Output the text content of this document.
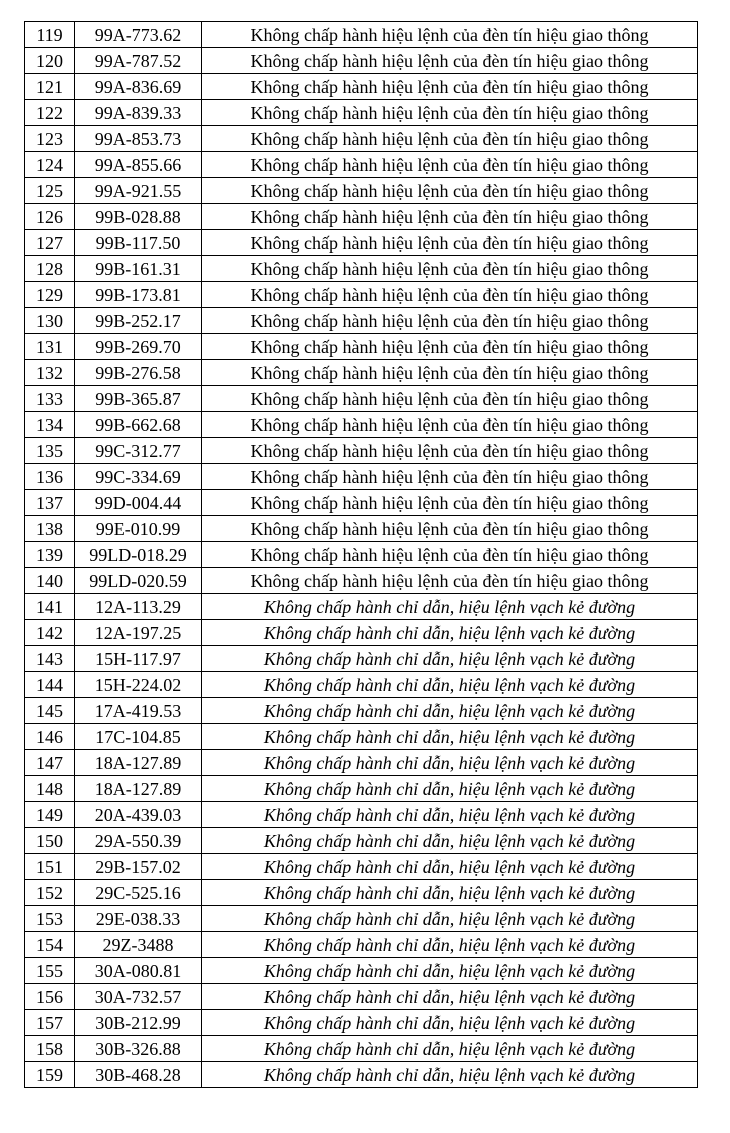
119	99A-773.62	Không chấp hành hiệu lệnh của đèn tín hiệu giao thông
120	99A-787.52	Không chấp hành hiệu lệnh của đèn tín hiệu giao thông
121	99A-836.69	Không chấp hành hiệu lệnh của đèn tín hiệu giao thông
122	99A-839.33	Không chấp hành hiệu lệnh của đèn tín hiệu giao thông
123	99A-853.73	Không chấp hành hiệu lệnh của đèn tín hiệu giao thông
124	99A-855.66	Không chấp hành hiệu lệnh của đèn tín hiệu giao thông
125	99A-921.55	Không chấp hành hiệu lệnh của đèn tín hiệu giao thông
126	99B-028.88	Không chấp hành hiệu lệnh của đèn tín hiệu giao thông
127	99B-117.50	Không chấp hành hiệu lệnh của đèn tín hiệu giao thông
128	99B-161.31	Không chấp hành hiệu lệnh của đèn tín hiệu giao thông
129	99B-173.81	Không chấp hành hiệu lệnh của đèn tín hiệu giao thông
130	99B-252.17	Không chấp hành hiệu lệnh của đèn tín hiệu giao thông
131	99B-269.70	Không chấp hành hiệu lệnh của đèn tín hiệu giao thông
132	99B-276.58	Không chấp hành hiệu lệnh của đèn tín hiệu giao thông
133	99B-365.87	Không chấp hành hiệu lệnh của đèn tín hiệu giao thông
134	99B-662.68	Không chấp hành hiệu lệnh của đèn tín hiệu giao thông
135	99C-312.77	Không chấp hành hiệu lệnh của đèn tín hiệu giao thông
136	99C-334.69	Không chấp hành hiệu lệnh của đèn tín hiệu giao thông
137	99D-004.44	Không chấp hành hiệu lệnh của đèn tín hiệu giao thông
138	99E-010.99	Không chấp hành hiệu lệnh của đèn tín hiệu giao thông
139	99LD-018.29	Không chấp hành hiệu lệnh của đèn tín hiệu giao thông
140	99LD-020.59	Không chấp hành hiệu lệnh của đèn tín hiệu giao thông
141	12A-113.29	Không chấp hành chỉ dẫn, hiệu lệnh vạch kẻ đường
142	12A-197.25	Không chấp hành chỉ dẫn, hiệu lệnh vạch kẻ đường
143	15H-117.97	Không chấp hành chỉ dẫn, hiệu lệnh vạch kẻ đường
144	15H-224.02	Không chấp hành chỉ dẫn, hiệu lệnh vạch kẻ đường
145	17A-419.53	Không chấp hành chỉ dẫn, hiệu lệnh vạch kẻ đường
146	17C-104.85	Không chấp hành chỉ dẫn, hiệu lệnh vạch kẻ đường
147	18A-127.89	Không chấp hành chỉ dẫn, hiệu lệnh vạch kẻ đường
148	18A-127.89	Không chấp hành chỉ dẫn, hiệu lệnh vạch kẻ đường
149	20A-439.03	Không chấp hành chỉ dẫn, hiệu lệnh vạch kẻ đường
150	29A-550.39	Không chấp hành chỉ dẫn, hiệu lệnh vạch kẻ đường
151	29B-157.02	Không chấp hành chỉ dẫn, hiệu lệnh vạch kẻ đường
152	29C-525.16	Không chấp hành chỉ dẫn, hiệu lệnh vạch kẻ đường
153	29E-038.33	Không chấp hành chỉ dẫn, hiệu lệnh vạch kẻ đường
154	29Z-3488	Không chấp hành chỉ dẫn, hiệu lệnh vạch kẻ đường
155	30A-080.81	Không chấp hành chỉ dẫn, hiệu lệnh vạch kẻ đường
156	30A-732.57	Không chấp hành chỉ dẫn, hiệu lệnh vạch kẻ đường
157	30B-212.99	Không chấp hành chỉ dẫn, hiệu lệnh vạch kẻ đường
158	30B-326.88	Không chấp hành chỉ dẫn, hiệu lệnh vạch kẻ đường
159	30B-468.28	Không chấp hành chỉ dẫn, hiệu lệnh vạch kẻ đường
